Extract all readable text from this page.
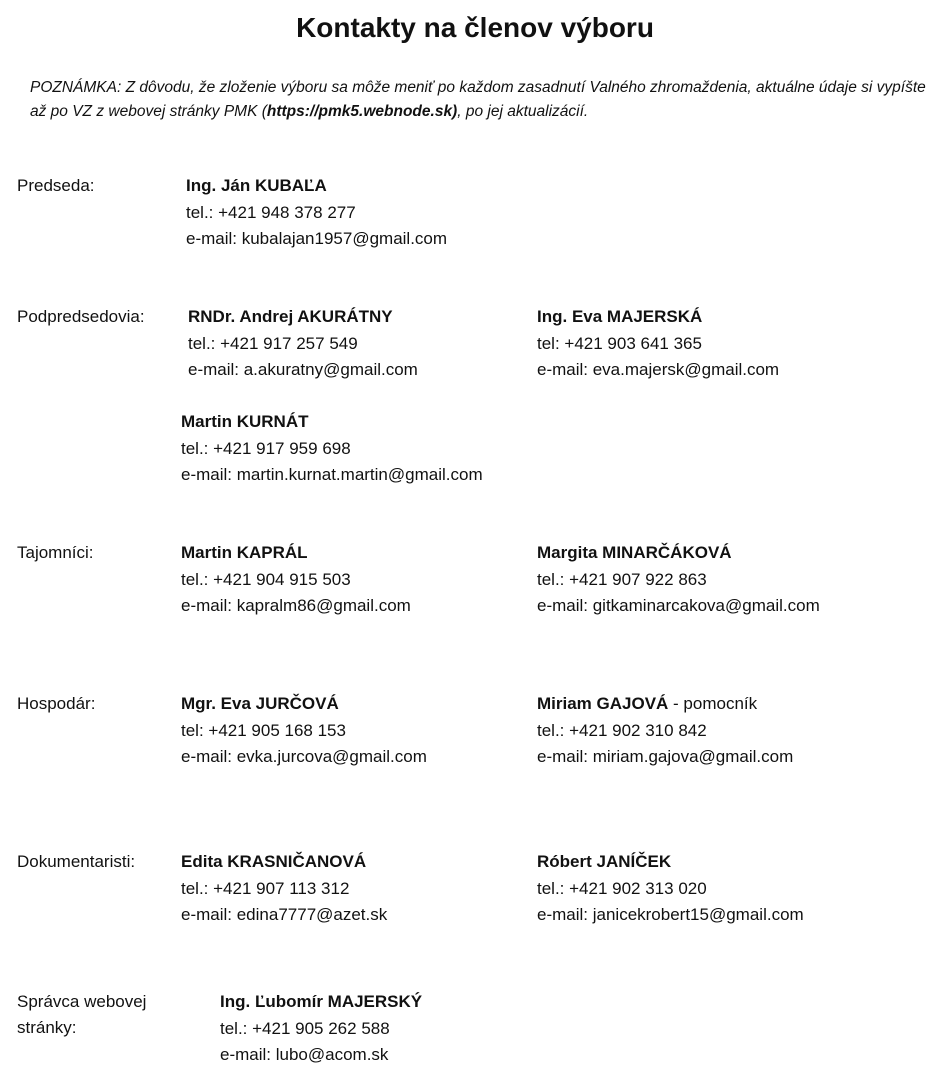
Kontakty na členov výboru
POZNÁMKA: Z dôvodu, že zloženie výboru sa môže meniť po každom zasadnutí Valného zhromaždenia, aktuálne údaje si vypíšte až po VZ z webovej stránky PMK (https://pmk5.webnode.sk), po jej aktualizácií.
Predseda:	Ing. Ján KUBAĽA
tel.: +421 948 378 277
e-mail: kubalajan1957@gmail.com
Podpredsedovia:	RNDr. Andrej AKURÁTNY
tel.: +421 917 257 549
e-mail: a.akuratny@gmail.com
Ing. Eva MAJERSKÁ
tel: +421 903 641 365
e-mail: eva.majersk@gmail.com
Martin KURNÁT
tel.: +421 917 959 698
e-mail: martin.kurnat.martin@gmail.com
Tajomníci:	Martin KAPRÁL
tel.: +421 904 915 503
e-mail: kapralm86@gmail.com
Margita MINARČÁKOVÁ
tel.: +421 907 922 863
e-mail: gitkaminarcakova@gmail.com
Hospodár:	Mgr. Eva JURČOVÁ
tel: +421 905 168 153
e-mail: evka.jurcova@gmail.com
Miriam GAJOVÁ - pomocník
tel.: +421 902 310 842
e-mail: miriam.gajova@gmail.com
Dokumentaristi:	Edita KRASNIČANOVÁ
tel.: +421 907 113 312
e-mail: edina7777@azet.sk
Róbert JANÍČEK
tel.: +421 902 313 020
e-mail: janicekrobert15@gmail.com
Správca webovej
stránky:
Ing. Ľubomír MAJERSKÝ
tel.: +421 905 262 588
e-mail: lubo@acom.sk
